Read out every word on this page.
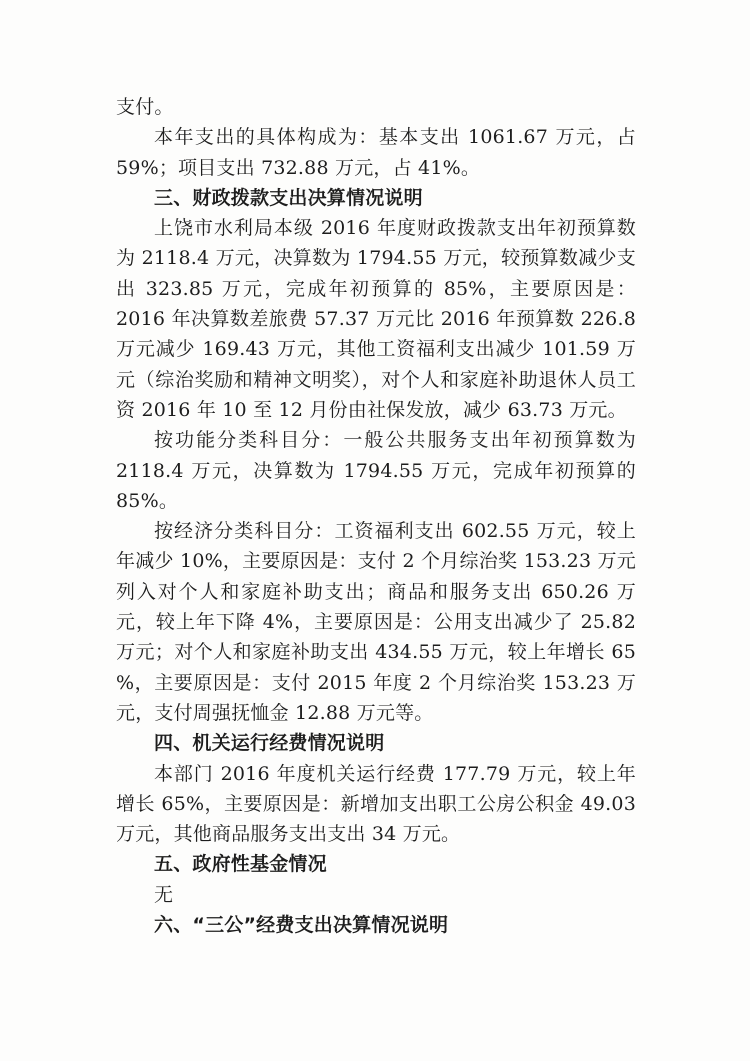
支付。

本年支出的具体构成为：基本支出 1061.67 万元，占 59%；项目支出 732.88 万元，占 41%。

三、财政拨款支出决算情况说明

上饶市水利局本级 2016 年度财政拨款支出年初预算数为 2118.4 万元，决算数为 1794.55 万元，较预算数减少支出 323.85 万元，完成年初预算的 85%，主要原因是：2016 年决算数差旅费 57.37 万元比 2016 年预算数 226.8 万元减少 169.43 万元，其他工资福利支出减少 101.59 万元（综治奖励和精神文明奖），对个人和家庭补助退休人员工资 2016 年 10 至 12 月份由社保发放，减少 63.73 万元。

按功能分类科目分：一般公共服务支出年初预算数为 2118.4 万元，决算数为 1794.55 万元，完成年初预算的 85%。

按经济分类科目分：工资福利支出 602.55 万元，较上年减少 10%，主要原因是：支付 2 个月综治奖 153.23 万元列入对个人和家庭补助支出；商品和服务支出 650.26 万元，较上年下降 4%，主要原因是：公用支出减少了 25.82 万元；对个人和家庭补助支出 434.55 万元，较上年增长 65 %，主要原因是：支付 2015 年度 2 个月综治奖 153.23 万元，支付周强抚恤金 12.88 万元等。

四、机关运行经费情况说明

本部门 2016 年度机关运行经费 177.79 万元，较上年增长 65%，主要原因是：新增加支出职工公房公积金 49.03 万元，其他商品服务支出支出 34 万元。

五、政府性基金情况

无

六、“三公”经费支出决算情况说明
